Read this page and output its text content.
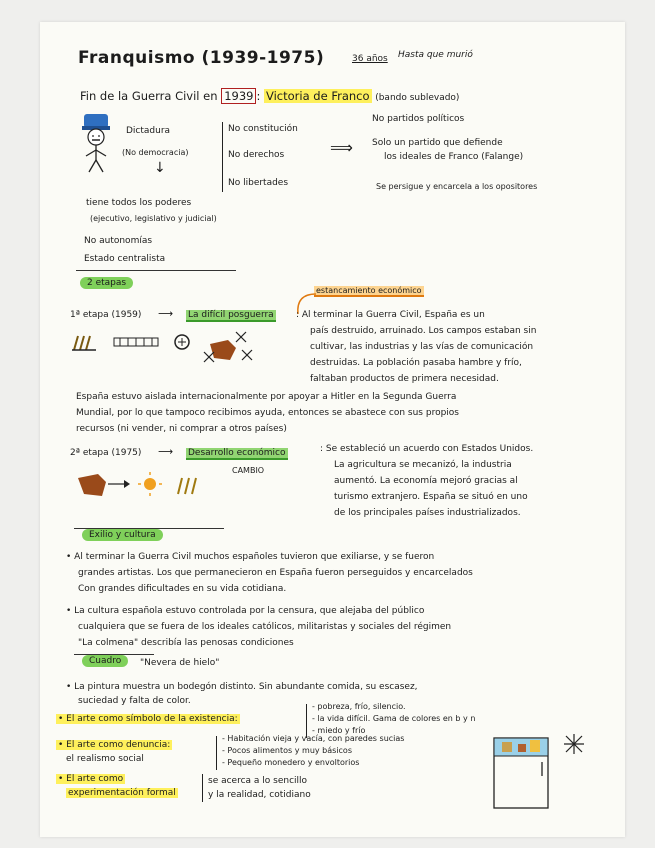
Franquismo (1939-1975)	36 años Hasta que murió
Fin de la Guerra Civil en 1939 : Victoria de Franco (bando sublevado)
Dictadura
(No democracia)
No constitución
No derechos
No libertades
⟹
No partidos políticos
Solo un partido que defiende
los ideales de Franco (Falange)
Se persigue y encarcela a los opositores
↓
tiene todos los poderes
(ejecutivo, legislativo y judicial)
No autonomías
Estado centralista
2 etapas
estancamiento económico
1ª etapa (1959) ⟶ La difícil posguerra : Al terminar la Guerra Civil, España es un
país destruido, arruinado. Los campos estaban sin
cultivar, las industrias y las vías de comunicación
destruidas. La población pasaba hambre y frío,
faltaban productos de primera necesidad.
España estuvo aislada internacionalmente por apoyar a Hitler en la Segunda Guerra
Mundial, por lo que tampoco recibimos ayuda, entonces se abastece con sus propios
recursos (ni vender, ni comprar a otros países)
2ª etapa (1975) ⟶ Desarrollo económico
CAMBIO
: Se estableció un acuerdo con Estados Unidos.
La agricultura se mecanizó, la industria
aumentó. La economía mejoró gracias al
turismo extranjero. España se situó en uno
de los principales países industrializados.
Exilio y cultura
• Al terminar la Guerra Civil muchos españoles tuvieron que exiliarse, y se fueron
grandes artistas. Los que permanecieron en España fueron perseguidos y encarcelados
Con grandes dificultades en su vida cotidiana.
• La cultura española estuvo controlada por la censura, que alejaba del público
cualquiera que se fuera de los ideales católicos, militaristas y sociales del régimen
"La colmena" describía las penosas condiciones
Cuadro	"Nevera de hielo"
• La pintura muestra un bodegón distinto. Sin abundante comida, su escasez,
suciedad y falta de color.
• El arte como símbolo de la existencia:
- pobreza, frío, silencio.
- la vida difícil. Gama de colores en b y n
- miedo y frío
• El arte como denuncia:
el realismo social
- Habitación vieja y vacía, con paredes sucias
- Pocos alimentos y muy básicos
- Pequeño monedero y envoltorios
• El arte como
experimentación formal
se acerca a lo sencillo
y la realidad, cotidiano
